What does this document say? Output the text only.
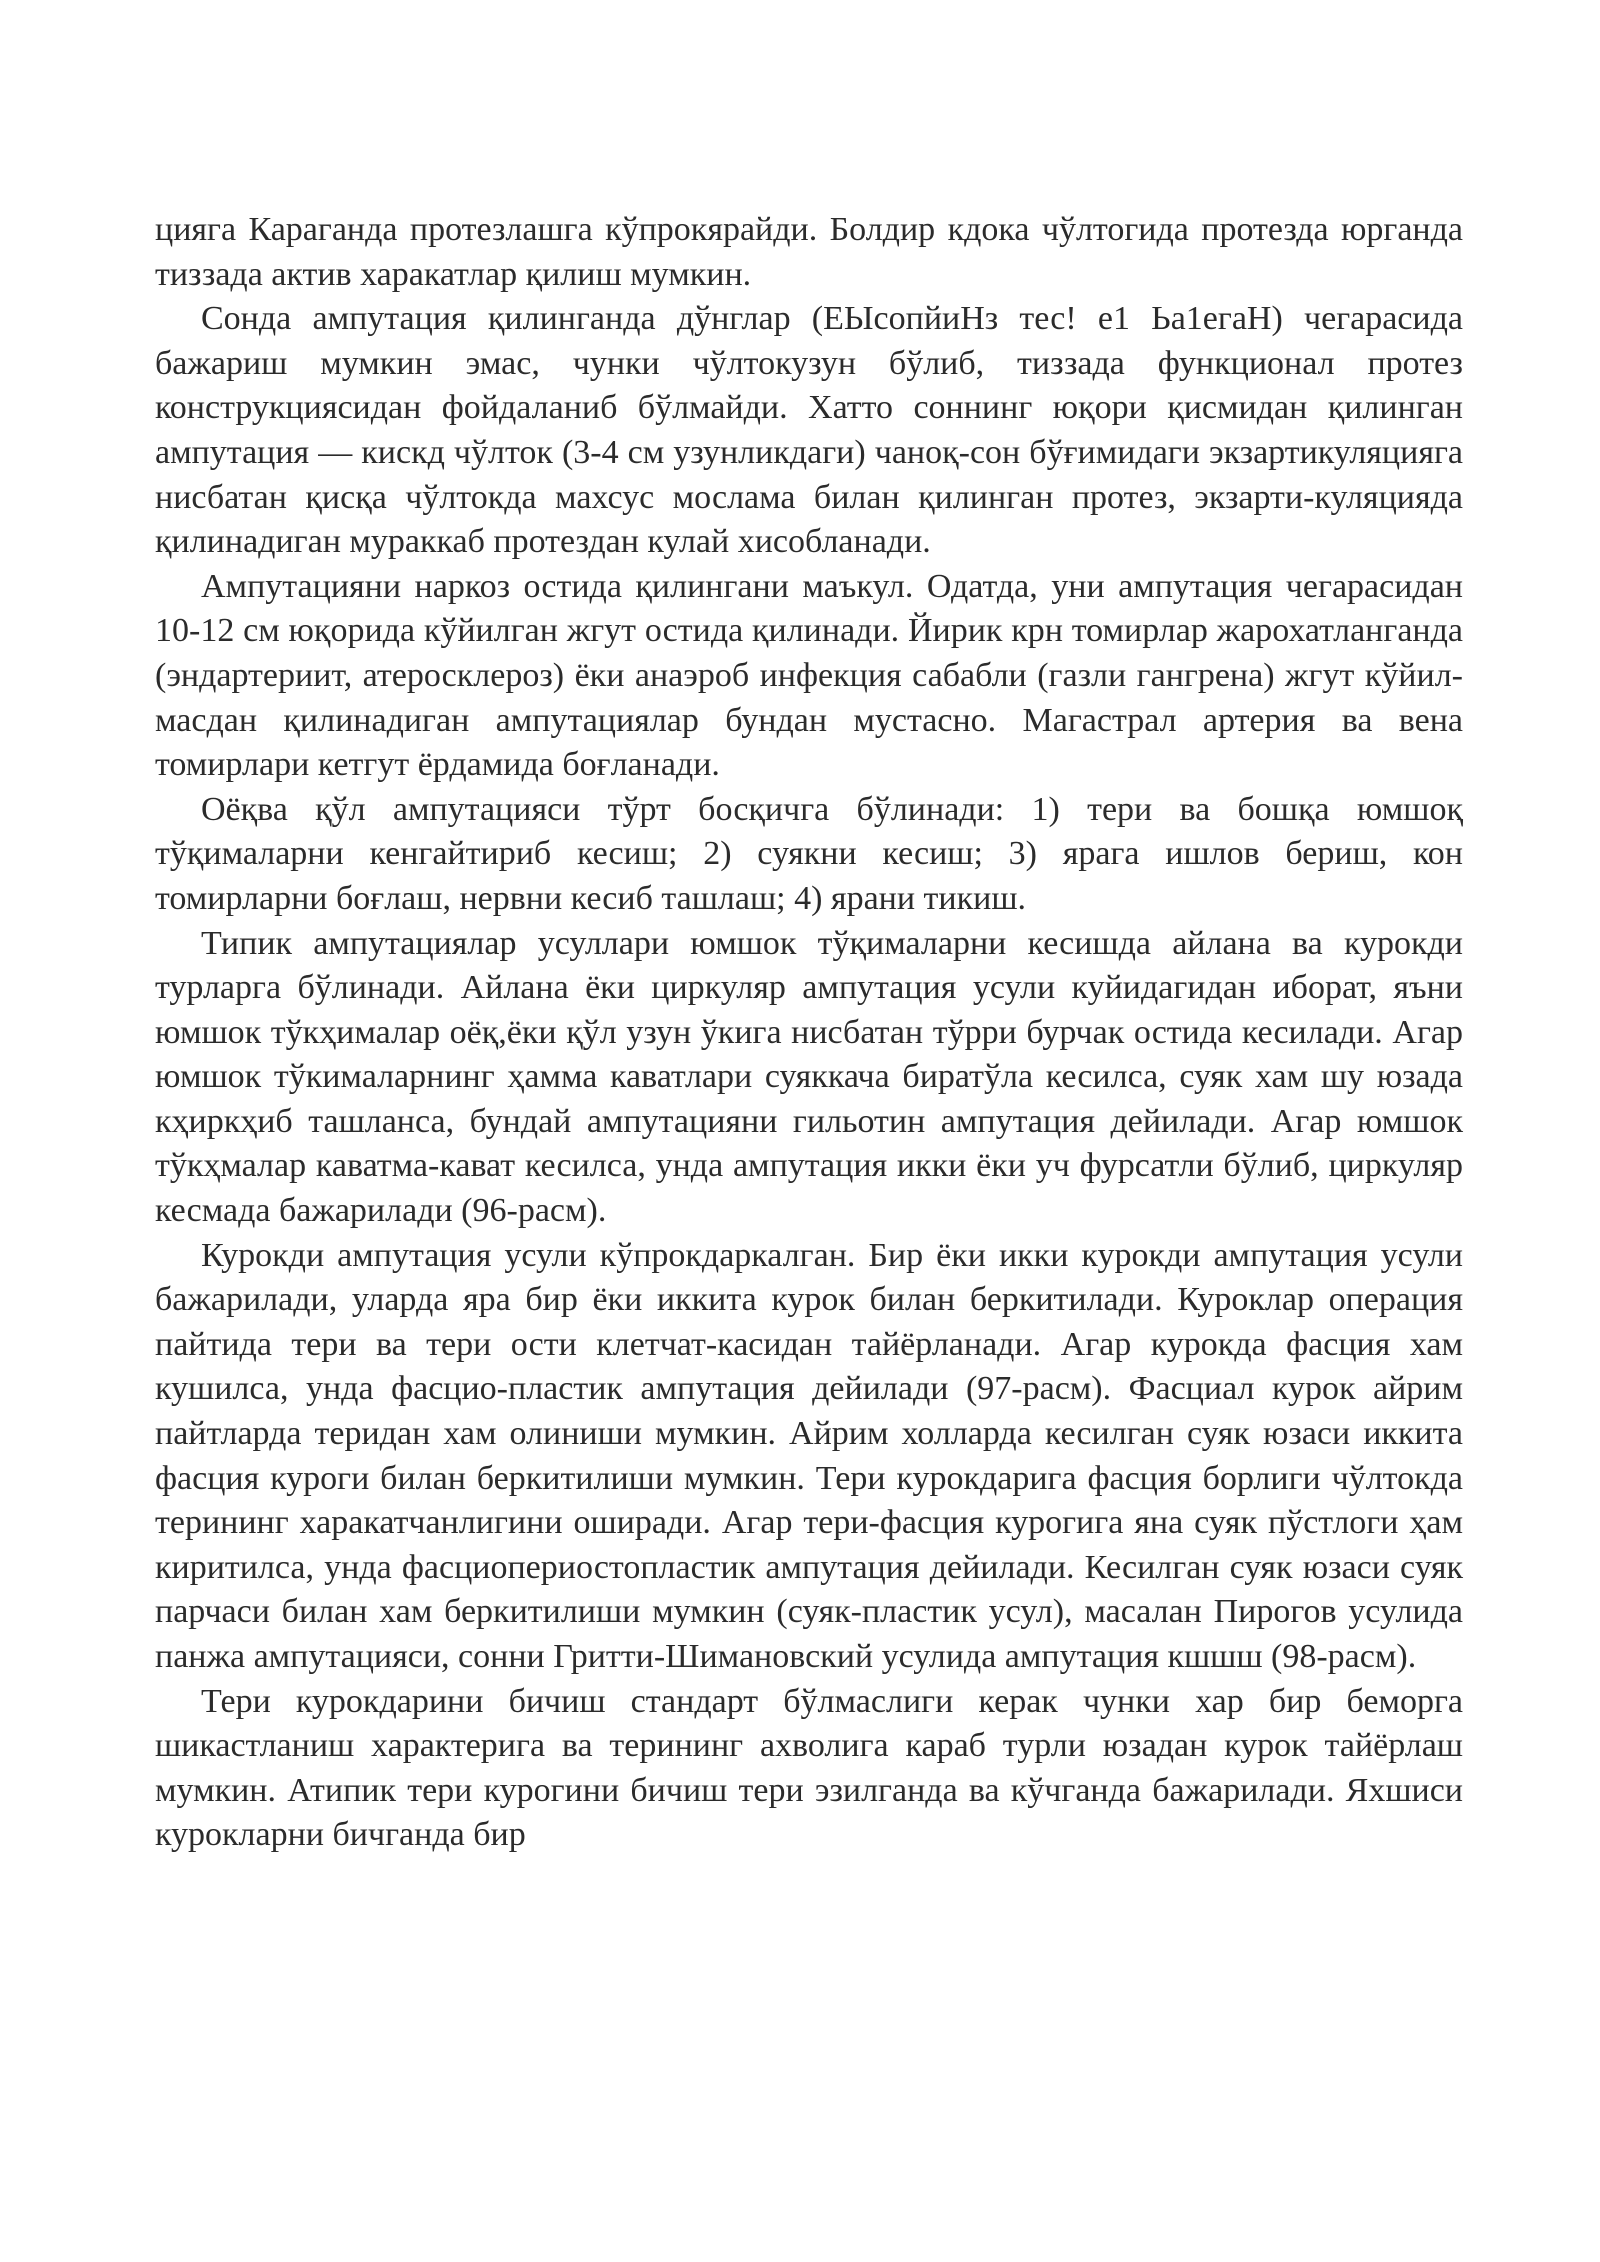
цияга Караганда протезлашга кўпрокярайди. Болдир кдока чўлтогида протезда юрганда тиззада актив харакатлар қилиш мумкин.

Сонда ампутация қилинганда дўнглар (ЕЫсопйиНз тес! е1 Ьа1егаН) чегарасида бажариш мумкин эмас, чунки чўлтокузун бўлиб, тиззада функционал протез конструкциясидан фойдаланиб бўлмайди. Хатто соннинг юқори қисмидан қилинган ампутация — кискд чўлток (3-4 см узунликдаги) чаноқ-сон бўғимидаги экзартикуляцияга нисбатан қисқа чўлтокда махсус мослама билан қилинган протез, экзарти-куляцияда қилинадиган мураккаб протездан кулай хисобланади.

Ампутацияни наркоз остида қилингани маъкул. Одатда, уни ампутация чегарасидан 10-12 см юқорида кўйилган жгут остида қилинади. Йирик крн томирлар жарохатланганда (эндартериит, атеросклероз) ёки анаэроб инфекция сабабли (газли гангрена) жгут кўйил-масдан қилинадиган ампутациялар бундан мустасно. Магастрал артерия ва вена томирлари кетгут ёрдамида боғланади.

Оёқва қўл ампутацияси тўрт босқичга бўлинади: 1) тери ва бошқа юмшоқ тўқималарни кенгайтириб кесиш; 2) суякни кесиш; 3) ярага ишлов бериш, кон томирларни боғлаш, нервни кесиб ташлаш; 4) ярани тикиш.

Типик ампутациялар усуллари юмшок тўқималарни кесишда айлана ва курокди турларга бўлинади. Айлана ёки циркуляр ампутация усули куйидагидан иборат, яъни юмшок тўкҳималар оёқ,ёки қўл узун ўкига нисбатан тўрри бурчак остида кесилади. Агар юмшок тўкималарнинг ҳамма каватлари суяккача биратўла кесилса, суяк хам шу юзада кҳиркҳиб ташланса, бундай ампутацияни гильотин ампутация дейилади. Агар юмшок тўкҳмалар каватма-кават кесилса, унда ампутация икки ёки уч фурсатли бўлиб, циркуляр кесмада бажарилади (96-расм).

Курокди ампутация усули кўпрокдаркалган. Бир ёки икки курокди ампутация усули бажарилади, уларда яра бир ёки иккита курок билан беркитилади. Куроклар операция пайтида тери ва тери ости клетчат-касидан тайёрланади. Агар курокда фасция хам кушилса, унда фасцио-пластик ампутация дейилади (97-расм). Фасциал курок айрим пайтларда теридан хам олиниши мумкин. Айрим холларда кесилган суяк юзаси иккита фасция куроги билан беркитилиши мумкин. Тери курокдарига фасция борлиги чўлтокда терининг харакатчанлигини оширади. Агар тери-фасция курогига яна суяк пўстлоги ҳам киритилса, унда фасциопериостопластик ампутация дейилади. Кесилган суяк юзаси суяк парчаси билан хам беркитилиши мумкин (суяк-пластик усул), масалан Пирогов усулида панжа ампутацияси, сонни Гритти-Шимановский усулида ампутация кшшш (98-расм).

Тери курокдарини бичиш стандарт бўлмаслиги керак чунки хар бир беморга шикастланиш характерига ва терининг ахволига караб турли юзадан курок тайёрлаш мумкин. Атипик тери курогини бичиш тери эзилганда ва кўчганда бажарилади. Яхшиси курокларни бичганда бир
